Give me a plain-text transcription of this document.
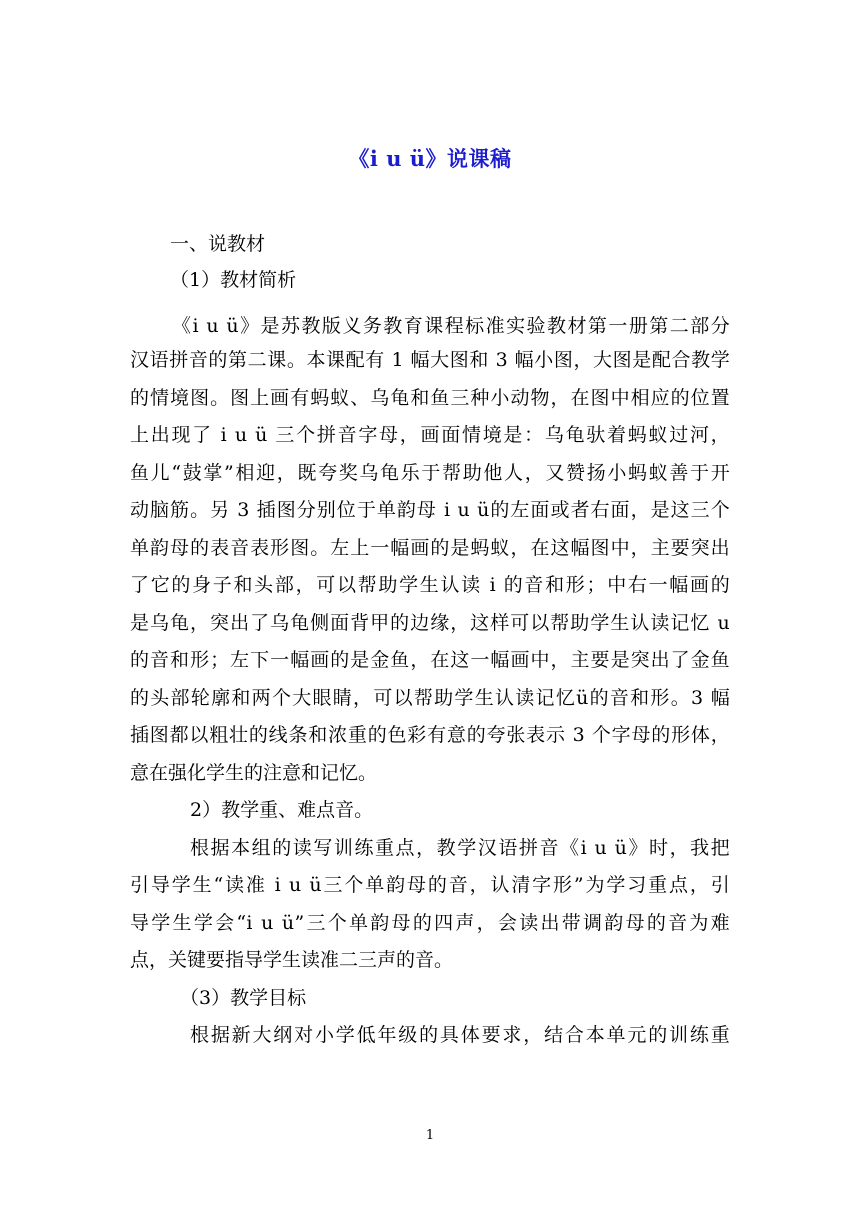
《i u ü》说课稿
一、说教材
（1）教材简析
《i u ü》是苏教版义务教育课程标准实验教材第一册第二部分
汉语拼音的第二课。本课配有 1 幅大图和 3 幅小图，大图是配合教学
的情境图。图上画有蚂蚁、乌龟和鱼三种小动物，在图中相应的位置
上出现了 i u ü 三个拼音字母，画面情境是：乌龟驮着蚂蚁过河，
鱼儿“鼓掌”相迎，既夸奖乌龟乐于帮助他人，又赞扬小蚂蚁善于开
动脑筋。另 3 插图分别位于单韵母 i u ü的左面或者右面，是这三个
单韵母的表音表形图。左上一幅画的是蚂蚁，在这幅图中，主要突出
了它的身子和头部，可以帮助学生认读 i 的音和形；中右一幅画的
是乌龟，突出了乌龟侧面背甲的边缘，这样可以帮助学生认读记忆 u
的音和形；左下一幅画的是金鱼，在这一幅画中，主要是突出了金鱼
的头部轮廓和两个大眼睛，可以帮助学生认读记忆ü的音和形。3 幅
插图都以粗壮的线条和浓重的色彩有意的夸张表示 3 个字母的形体，
意在强化学生的注意和记忆。
2）教学重、难点音。
根据本组的读写训练重点，教学汉语拼音《i u ü》时，我把
引导学生“读准 i u ü三个单韵母的音，认清字形”为学习重点，引
导学生学会“i u ü”三个单韵母的四声，会读出带调韵母的音为难
点，关键要指导学生读准二三声的音。
（3）教学目标
根据新大纲对小学低年级的具体要求，结合本单元的训练重
1
